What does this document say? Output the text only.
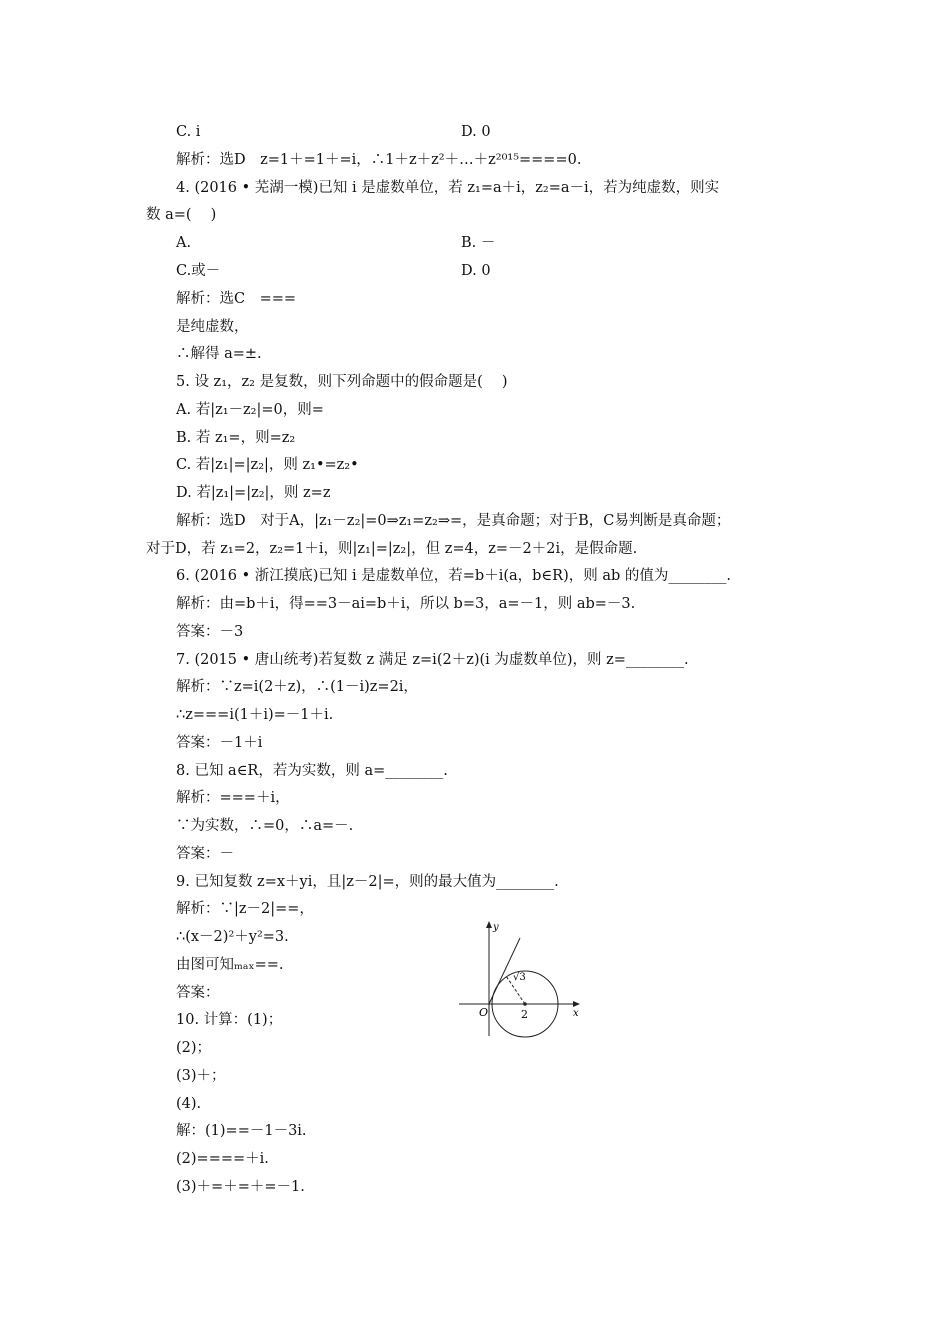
C. i
解析：选D　z=1＋=1＋=i，∴1＋z＋z²＋…＋z²⁰¹⁵====0.
4. (2016 • 芜湖一模)已知 i 是虚数单位，若 z₁=a＋i，z₂=a－i，若为纯虚数，则实
数 a=(　 )
A.
C.或－
解析：选C　===
是纯虚数，
∴解得 a=±.
5. 设 z₁，z₂ 是复数，则下列命题中的假命题是(　 )
A. 若|z₁－z₂|=0，则=
B. 若 z₁=，则=z₂
C. 若|z₁|=|z₂|，则 z₁•=z₂•
D. 若|z₁|=|z₂|，则 z=z
解析：选D　对于A，|z₁－z₂|=0⇒z₁=z₂⇒=，是真命题；对于B，C易判断是真命题；
对于D，若 z₁=2，z₂=1＋i，则|z₁|=|z₂|，但 z=4，z=－2＋2i，是假命题.
6. (2016 • 浙江摸底)已知 i 是虚数单位，若=b＋i(a，b∈R)，则 ab 的值为________.
解析：由=b＋i，得==3－ai=b＋i，所以 b=3，a=－1，则 ab=－3.
答案：－3
7. (2015 • 唐山统考)若复数 z 满足 z=i(2＋z)(i 为虚数单位)，则 z=________.
解析：∵z=i(2＋z)，∴(1－i)z=2i，
∴z===i(1＋i)=－1＋i.
答案：－1＋i
8. 已知 a∈R，若为实数，则 a=________.
解析：===＋i，
∵为实数，∴=0，∴a=－.
答案：－
9. 已知复数 z=x＋yi，且|z－2|=，则的最大值为________.
解析：∵|z－2|==，
∴(x－2)²＋y²=3.
由图可知ₘₐₓ==.
答案：
10. 计算：(1)；
(2)；
(3)＋；
(4).
解：(1)==－1－3i.
(2)====＋i.
(3)＋=＋=＋=－1.
D. 0
B. －
D. 0
y
x
O	2
√3
